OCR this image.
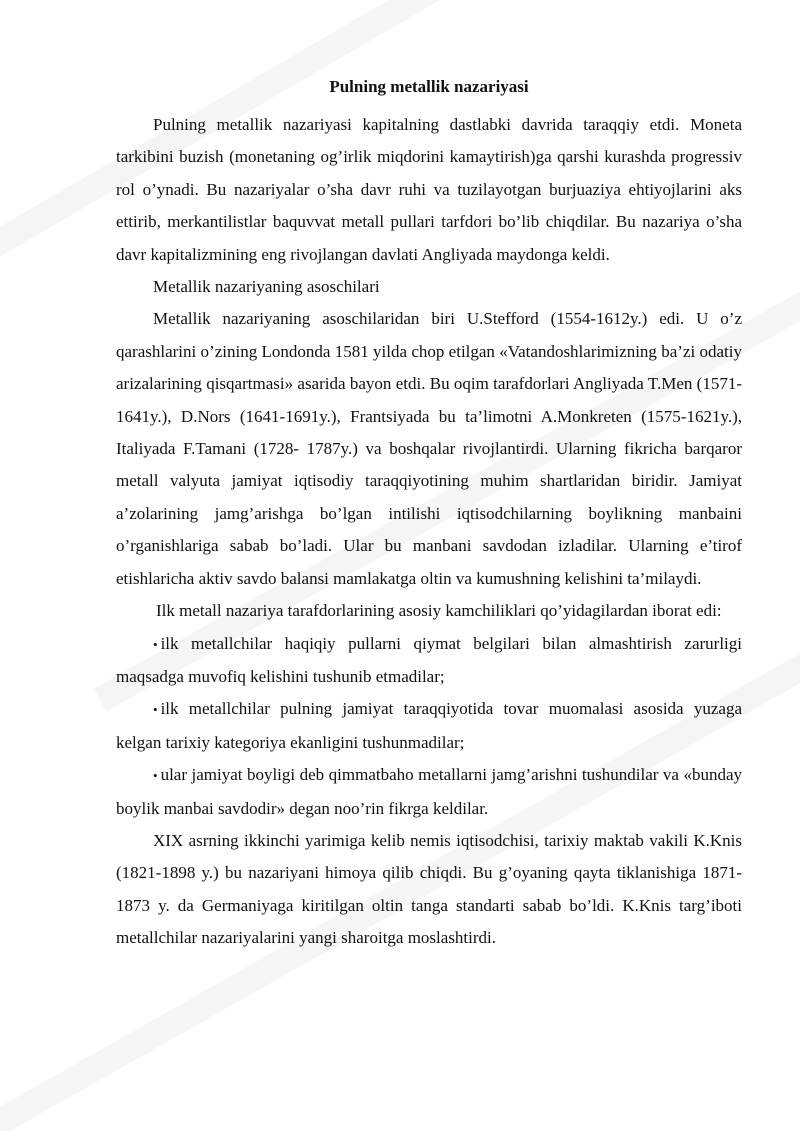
Pulning metallik nazariyasi

Pulning metallik nazariyasi kapitalning dastlabki davrida taraqqiy etdi. Moneta tarkibini buzish (monetaning og’irlik miqdorini kamaytirish)ga qarshi kurashda progressiv rol o’ynadi. Bu nazariyalar o’sha davr ruhi va tuzilayotgan burjuaziya ehtiyojlarini aks ettirib, merkantilistlar baquvvat metall pullari tarfdori bo’lib chiqdilar. Bu nazariya o’sha davr kapitalizmining eng rivojlangan davlati Angliyada maydonga keldi.

Metallik nazariyaning asoschilari

Metallik nazariyaning asoschilaridan biri U.Stefford (1554-1612y.) edi. U o’z qarashlarini o’zining Londonda 1581 yilda chop etilgan «Vatandoshlarimizning ba’zi odatiy arizalarining qisqartmasi» asarida bayon etdi. Bu oqim tarafdorlari Angliyada T.Men (1571-1641y.), D.Nors (1641-1691y.), Frantsiyada bu ta’limotni A.Monkreten (1575-1621y.), Italiyada F.Tamani (1728- 1787y.) va boshqalar rivojlantirdi. Ularning fikricha barqaror metall valyuta jamiyat iqtisodiy taraqqiyotining muhim shartlaridan biridir. Jamiyat a’zolarining jamg’arishga bo’lgan intilishi iqtisodchilarning boylikning manbaini o’rganishlariga sabab bo’ladi. Ular bu manbani savdodan izladilar. Ularning e’tirof etishlaricha aktiv savdo balansi mamlakatga oltin va kumushning kelishini ta’milaydi.

Ilk metall nazariya tarafdorlarining asosiy kamchiliklari qo’yidagilardan iborat edi:

• ilk metallchilar haqiqiy pullarni qiymat belgilari bilan almashtirish zarurligi maqsadga muvofiq kelishini tushunib etmadilar;

• ilk metallchilar pulning jamiyat taraqqiyotida tovar muomalasi asosida yuzaga kelgan tarixiy kategoriya ekanligini tushunmadilar;

• ular jamiyat boyligi deb qimmatbaho metallarni jamg’arishni tushundilar va «bunday boylik manbai savdodir» degan noo’rin fikrga keldilar.

XIX asrning ikkinchi yarimiga kelib nemis iqtisodchisi, tarixiy maktab vakili K.Knis (1821-1898 y.) bu nazariyani himoya qilib chiqdi. Bu g’oyaning qayta tiklanishiga 1871-1873 y. da Germaniyaga kiritilgan oltin tanga standarti sabab bo’ldi. K.Knis targ’iboti metallchilar nazariyalarini yangi sharoitga moslashtirdi.
